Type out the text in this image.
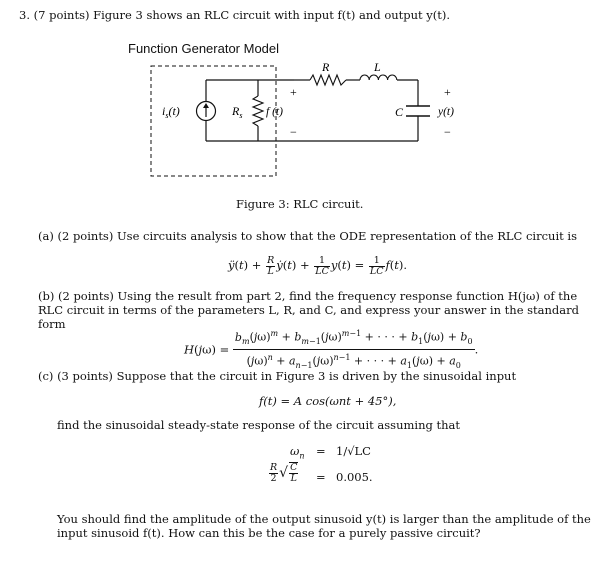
3. (7 points) Figure 3 shows an RLC circuit with input f(t) and output y(t).
Function Generator Model
$i_s(t)$	$R_s$ f (t)
+
−
R	L
C
+
y(t)
−
Figure 3: RLC circuit.
(a) (2 points) Use circuits analysis to show that the ODE representation of the RLC circuit is
ÿ(t) + $\frac{R}{L}$ ẏ(t) + $\frac{1}{LC} y(t) = \frac{1}{LC} f(t)$.
(b) (2 points) Using the result from part 2, find the frequency response function H(jω) of the RLC circuit in terms of the parameters L, R, and C, and express your answer in the standard form
$H(j\omega) = \frac{b_m(j\omega)^m + b_{m-1}(j\omega)^{m-1} + \cdot \cdot \cdot + b_1(j\omega) + b_0}{(j\omega)^n + a_{n-1}(j\omega)^{n-1} + \cdot \cdot \cdot + a_1(j\omega) + a_0}$ .
(c) (3 points) Suppose that the circuit in Figure 3 is driven by the sinusoidal input
f(t) = A cos(ωnt + 45°),
find the sinusoidal steady-state response of the circuit assuming that
$\omega_n = 1/√LC$
$\frac{R}{2}$ √ $\frac{C}{L} = 0.005$.
You should find the amplitude of the output sinusoid y(t) is larger than the amplitude of the input sinusoid f(t). How can this be the case for a purely passive circuit?
